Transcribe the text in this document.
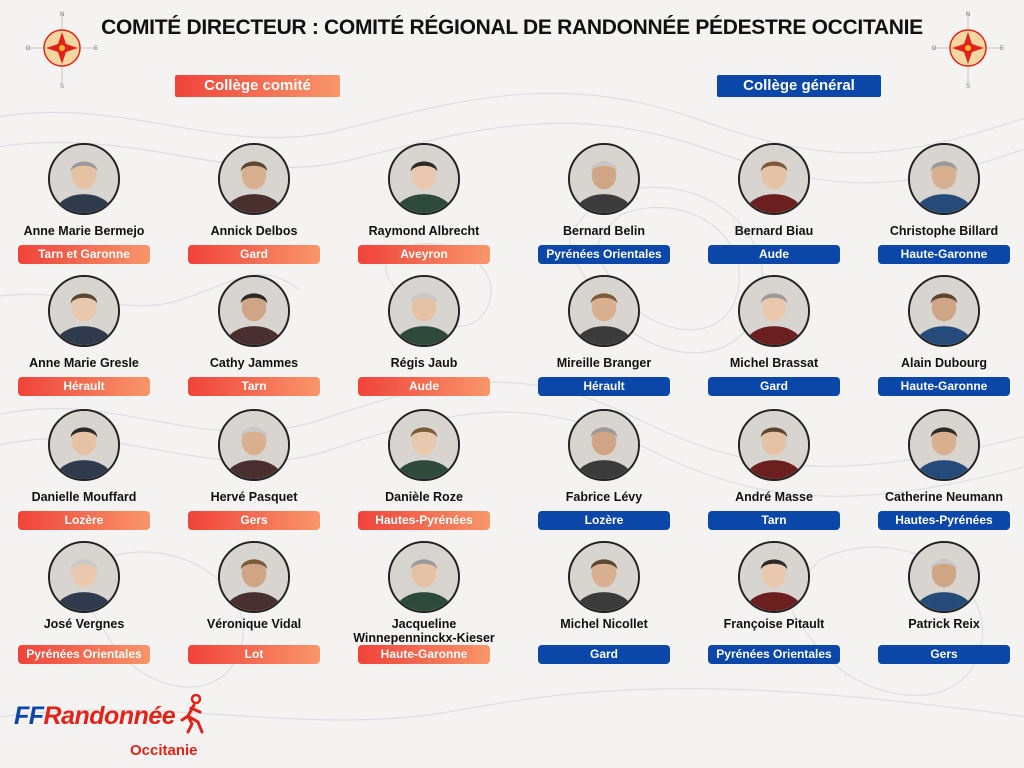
N
S
E
O
N
S
E
O
COMITÉ DIRECTEUR : COMITÉ RÉGIONAL DE RANDONNÉE PÉDESTRE OCCITANIE
Collège comité	Collège général
Anne Marie Bermejo
Tarn et Garonne
Annick Delbos
Gard
Raymond Albrecht
Aveyron
Bernard Belin
Pyrénées Orientales
Bernard Biau
Aude
Christophe Billard
Haute-Garonne
Anne Marie Gresle
Hérault
Cathy Jammes
Tarn
Régis Jaub
Aude
Mireille Branger
Hérault
Michel Brassat
Gard
Alain Dubourg
Haute-Garonne
Danielle Mouffard
Lozère
Hervé Pasquet
Gers
Danièle Roze
Hautes-Pyrénées
Fabrice Lévy
Lozère
André Masse
Tarn
Catherine Neumann
Hautes-Pyrénées
José Vergnes
Pyrénées Orientales
Véronique Vidal
Lot
Jacqueline Winnepenninckx-Kieser
Haute-Garonne
Michel Nicollet
Gard
Françoise Pitault
Pyrénées Orientales
Patrick Reix
Gers
FFRandonnée
Occitanie
